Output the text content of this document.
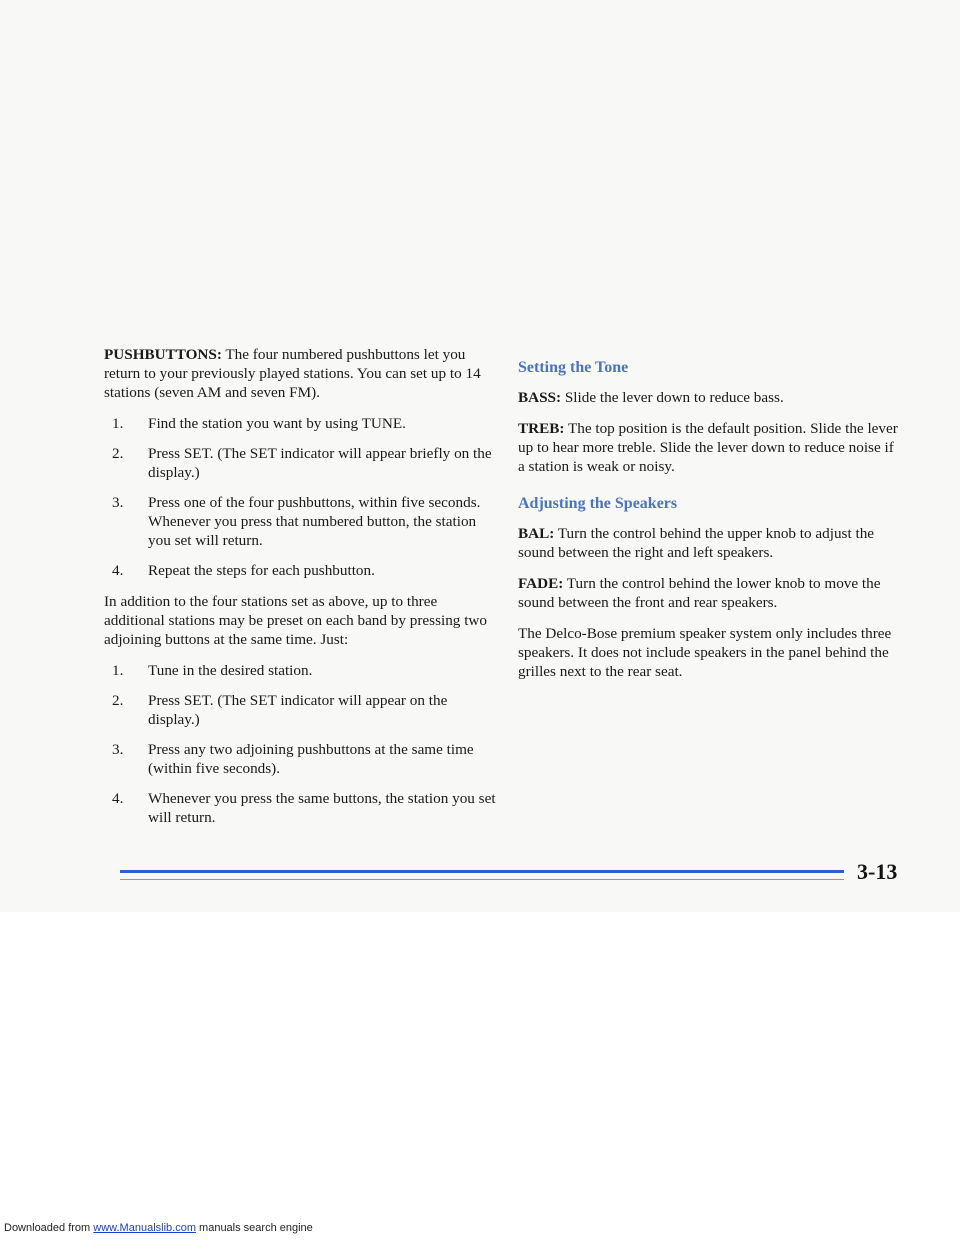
PUSHBUTTONS: The four numbered pushbuttons let you return to your previously played stations. You can set up to 14 stations (seven AM and seven FM).

1. Find the station you want by using TUNE.
2. Press SET. (The SET indicator will appear briefly on the display.)
3. Press one of the four pushbuttons, within five seconds. Whenever you press that numbered button, the station you set will return.
4. Repeat the steps for each pushbutton.

In addition to the four stations set as above, up to three additional stations may be preset on each band by pressing two adjoining buttons at the same time. Just:

1. Tune in the desired station.
2. Press SET. (The SET indicator will appear on the display.)
3. Press any two adjoining pushbuttons at the same time (within five seconds).
4. Whenever you press the same buttons, the station you set will return.
Setting the Tone

BASS: Slide the lever down to reduce bass.

TREB: The top position is the default position. Slide the lever up to hear more treble. Slide the lever down to reduce noise if a station is weak or noisy.

Adjusting the Speakers

BAL: Turn the control behind the upper knob to adjust the sound between the right and left speakers.

FADE: Turn the control behind the lower knob to move the sound between the front and rear speakers.

The Delco-Bose premium speaker system only includes three speakers. It does not include speakers in the panel behind the grilles next to the rear seat.

3-13
Downloaded from www.Manualslib.com manuals search engine
